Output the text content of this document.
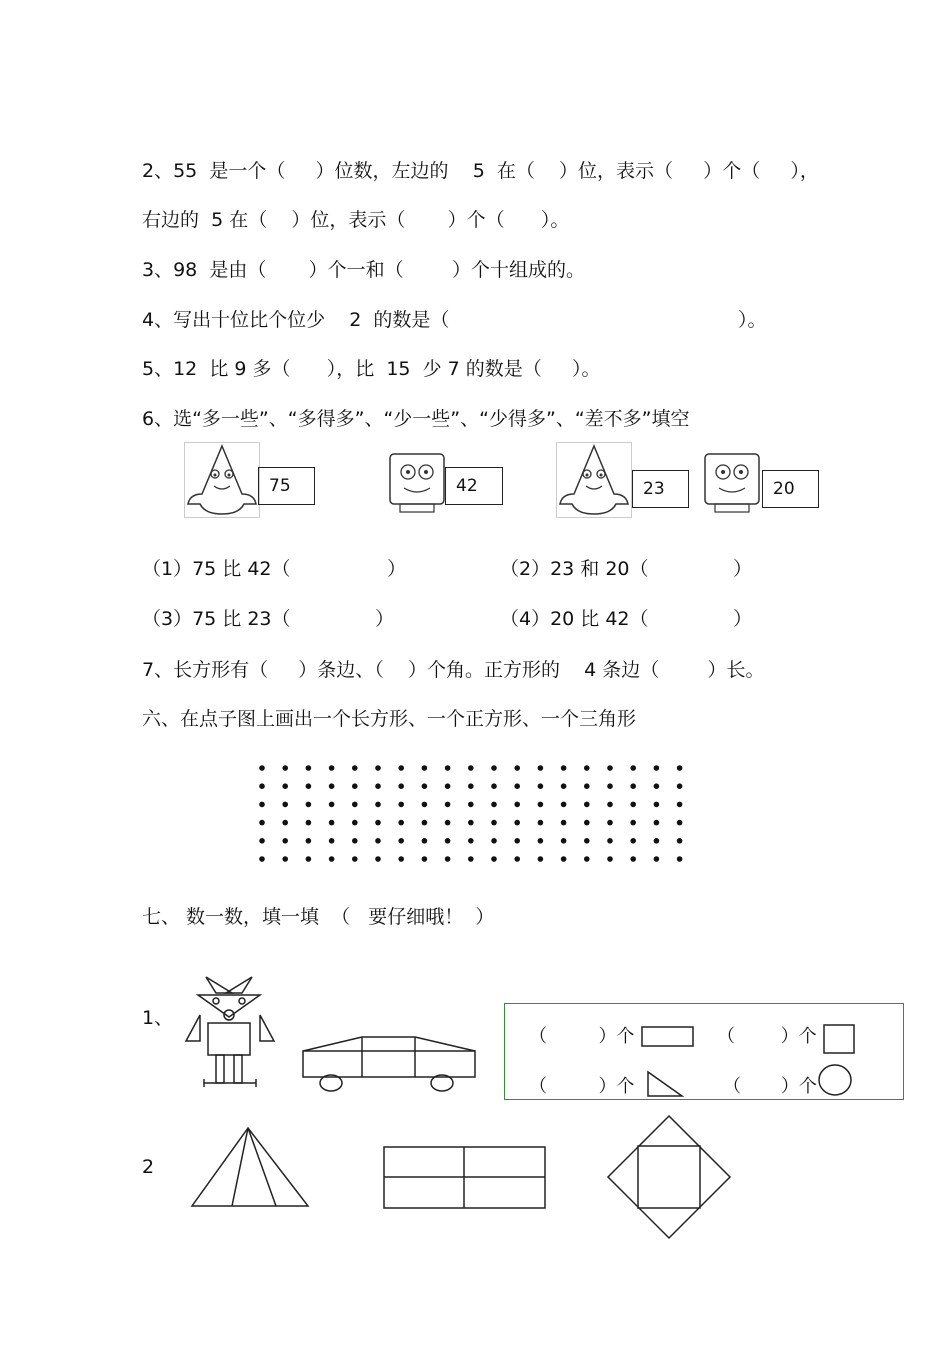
2、55  是一个（     ）位数，左边的    5  在（    ）位，表示（     ）个（     ），
右边的  5 在（    ）位，表示（       ）个（      ）。
3、98  是由（       ）个一和（        ）个十组成的。
4、写出十位比个位少    2  的数是（	）。
5、12  比 9 多（      ），比  15  少 7 的数是（     ）。
6、选“多一些”、“多得多”、“少一些”、“少得多”、“差不多”填空
75	42	23	20
（1）75 比 42（                ）	（2）23 和 20（              ）
（3）75 比 23（              ）	（4）20 比 42（              ）
7、长方形有（     ）条边、（    ）个角。正方形的    4 条边（        ）长。
六、在点子图上画出一个长方形、一个正方形、一个三角形
七、 数一数，填一填  （   要仔细哦！  ）
1、
（         ）个	（        ）个
（         ）个	（       ）个
2
